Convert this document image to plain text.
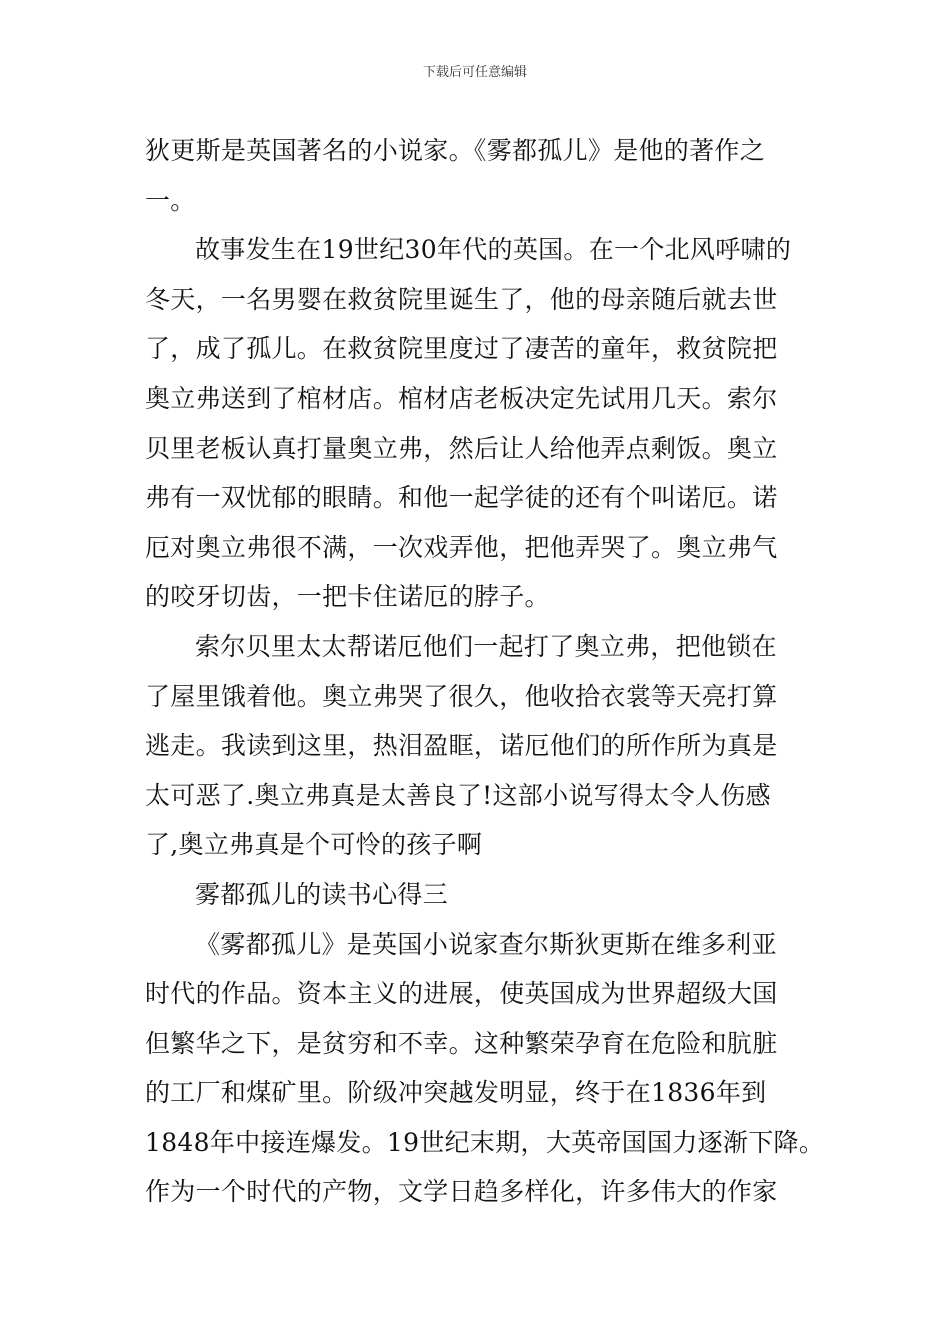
下载后可任意编辑
狄更斯是英国著名的小说家。《雾都孤儿》是他的著作之
一。
故事发生在19世纪30年代的英国。在一个北风呼啸的
冬天，一名男婴在救贫院里诞生了，他的母亲随后就去世
了，成了孤儿。在救贫院里度过了凄苦的童年，救贫院把
奥立弗送到了棺材店。棺材店老板决定先试用几天。索尔
贝里老板认真打量奥立弗，然后让人给他弄点剩饭。奥立
弗有一双忧郁的眼睛。和他一起学徒的还有个叫诺厄。诺
厄对奥立弗很不满，一次戏弄他，把他弄哭了。奥立弗气
的咬牙切齿，一把卡住诺厄的脖子。
索尔贝里太太帮诺厄他们一起打了奥立弗，把他锁在
了屋里饿着他。奥立弗哭了很久，他收拾衣裳等天亮打算
逃走。我读到这里，热泪盈眶，诺厄他们的所作所为真是
太可恶了.奥立弗真是太善良了!这部小说写得太令人伤感
了,奥立弗真是个可怜的孩子啊
雾都孤儿的读书心得三
《雾都孤儿》是英国小说家查尔斯狄更斯在维多利亚
时代的作品。资本主义的进展，使英国成为世界超级大国
但繁华之下，是贫穷和不幸。这种繁荣孕育在危险和肮脏
的工厂和煤矿里。阶级冲突越发明显，终于在1836年到
1848年中接连爆发。19世纪末期，大英帝国国力逐渐下降。
作为一个时代的产物，文学日趋多样化，许多伟大的作家
